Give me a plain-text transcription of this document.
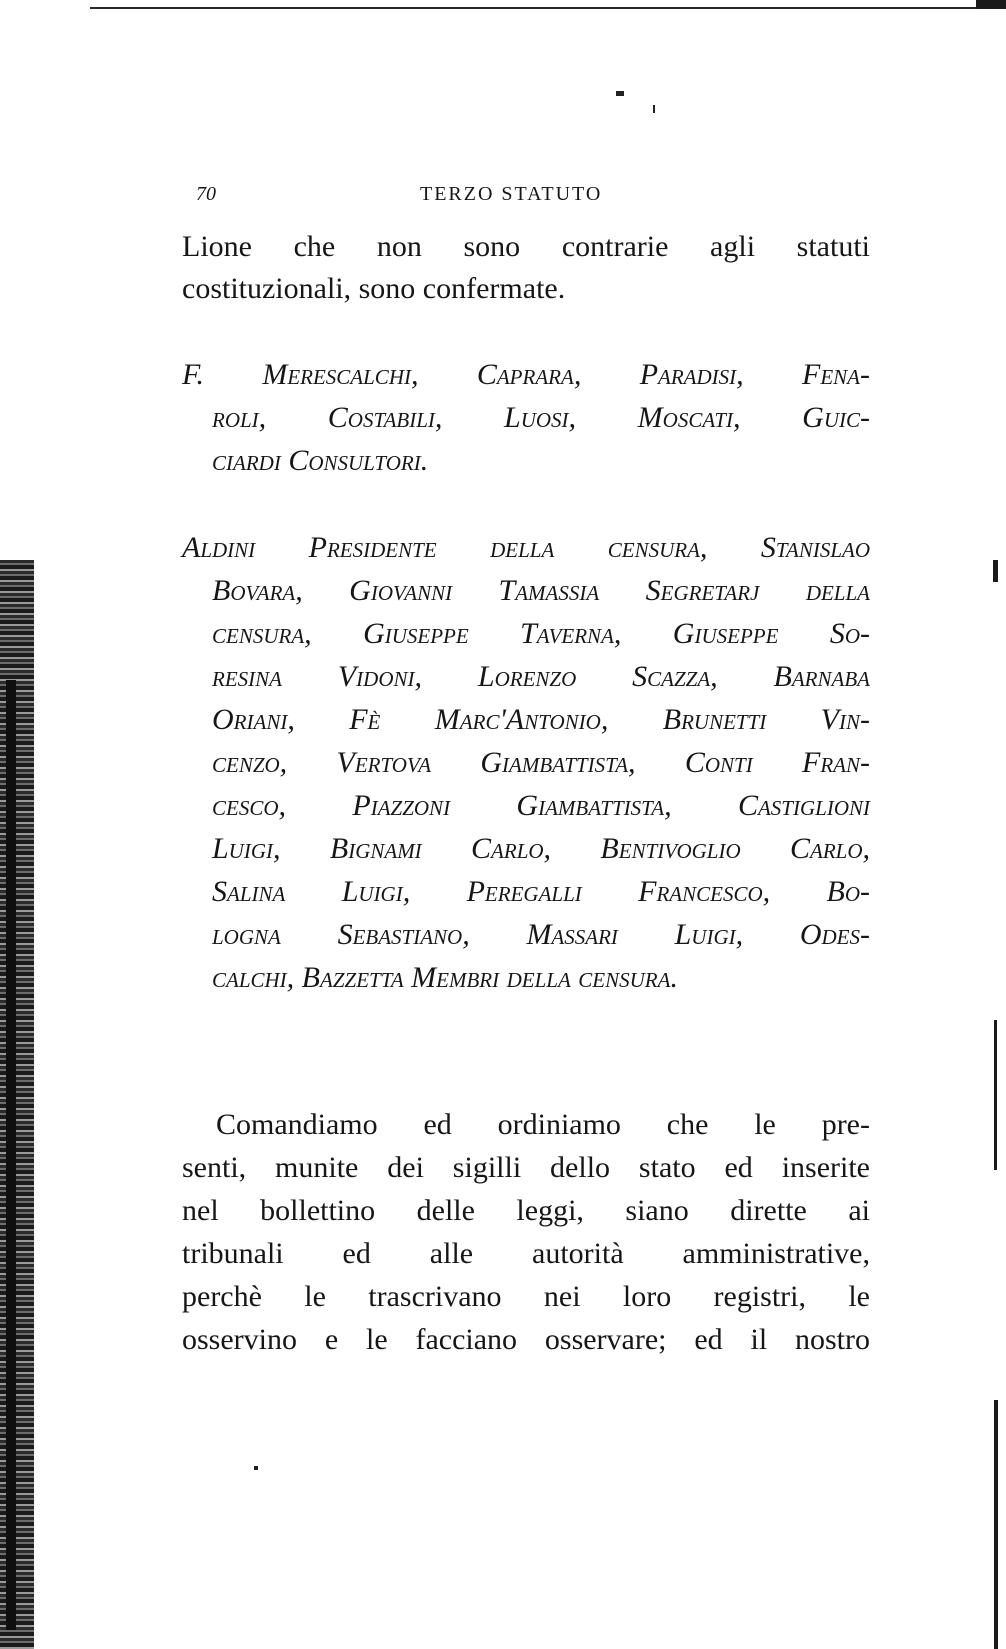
70	TERZO STATUTO
Lione che non sono contrarie agli statuti
costituzionali, sono confermate.
F. Merescalchi, Caprara, Paradisi, Fena-
roli, Costabili, Luosi, Moscati, Guic-
ciardi Consultori.
Aldini Presidente della censura, Stanislao
Bovara, Giovanni Tamassia Segretarj della
censura, Giuseppe Taverna, Giuseppe So-
resina Vidoni, Lorenzo Scazza, Barnaba
Oriani, Fè Marc'Antonio, Brunetti Vin-
cenzo, Vertova Giambattista, Conti Fran-
cesco, Piazzoni Giambattista, Castiglioni
Luigi, Bignami Carlo, Bentivoglio Carlo,
Salina Luigi, Peregalli Francesco, Bo-
logna Sebastiano, Massari Luigi, Odes-
calchi, Bazzetta Membri della censura.
Comandiamo ed ordiniamo che le pre-
senti, munite dei sigilli dello stato ed inserite
nel bollettino delle leggi, siano dirette ai
tribunali ed alle autorità amministrative,
perchè le trascrivano nei loro registri, le
osservino e le facciano osservare; ed il nostro
